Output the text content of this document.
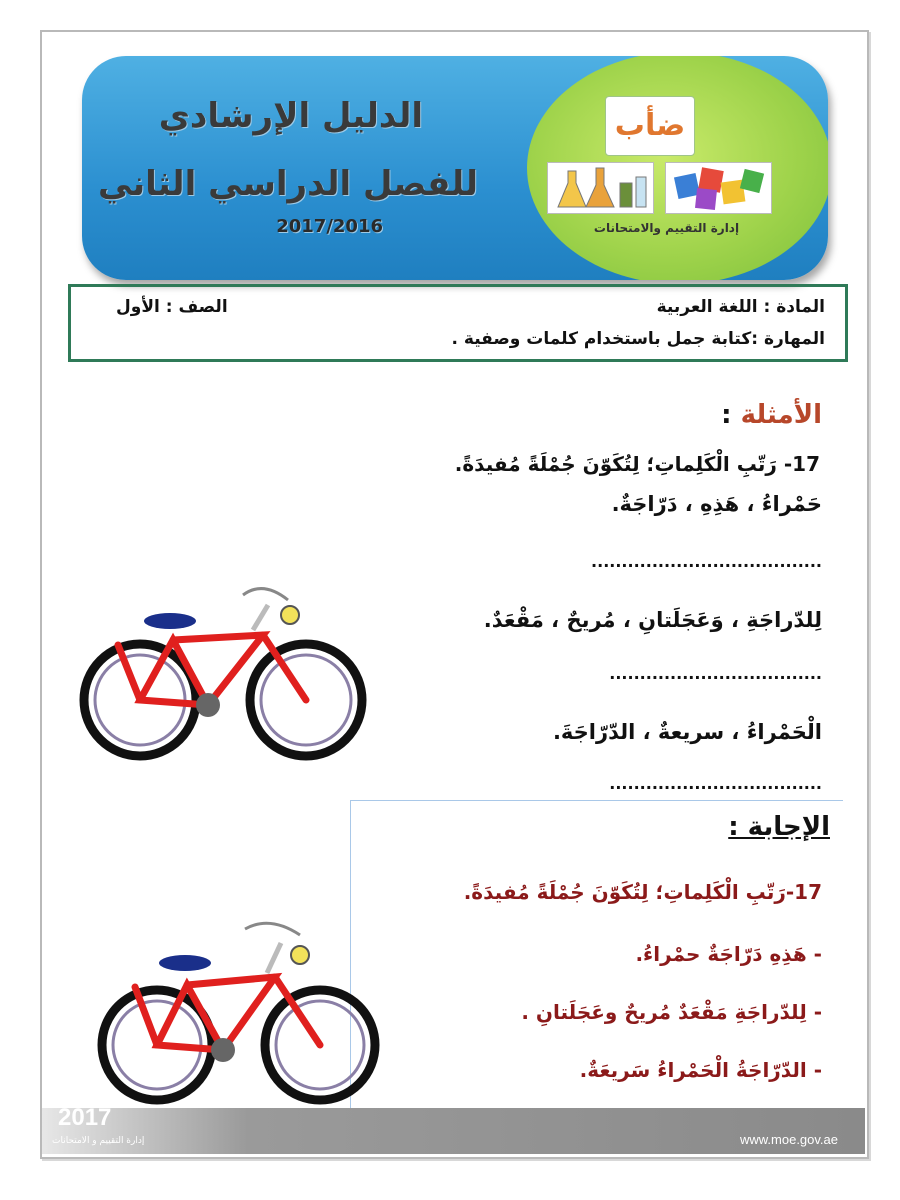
ضأب
إدارة التقييم والامتحانات
الدليل الإرشادي
للفصل الدراسي الثاني
2017/2016
المادة : اللغة العربية
الصف : الأول
المهارة :كتابة جمل باستخدام كلمات وصفية .
الأمثلة :
17- رَتّبِ الْكَلِماتِ؛ لِتُكَوّنَ جُمْلَةً مُفيدَةً.
حَمْراءُ ، هَذِهِ ، دَرّاجَةٌ.
......................................
لِلدّراجَةِ ، وَعَجَلَتانِ ، مُريحٌ ، مَقْعَدٌ.
...................................
الْحَمْراءُ ، سريعةٌ ، الدّرّاجَةَ.
...................................
الإجابة :
17-رَتّبِ الْكَلِماتِ؛ لِتُكَوّنَ جُمْلَةً مُفيدَةً.
- هَذِهِ دَرّاجَةٌ حمْراءُ.
- لِلدّراجَةِ مَقْعَدٌ مُريحٌ وعَجَلَتانِ .
- الدّرّاجَةُ الْحَمْراءُ سَريعَةٌ.
2017
إدارة التقييم و الامتحانات	www.moe.gov.ae
